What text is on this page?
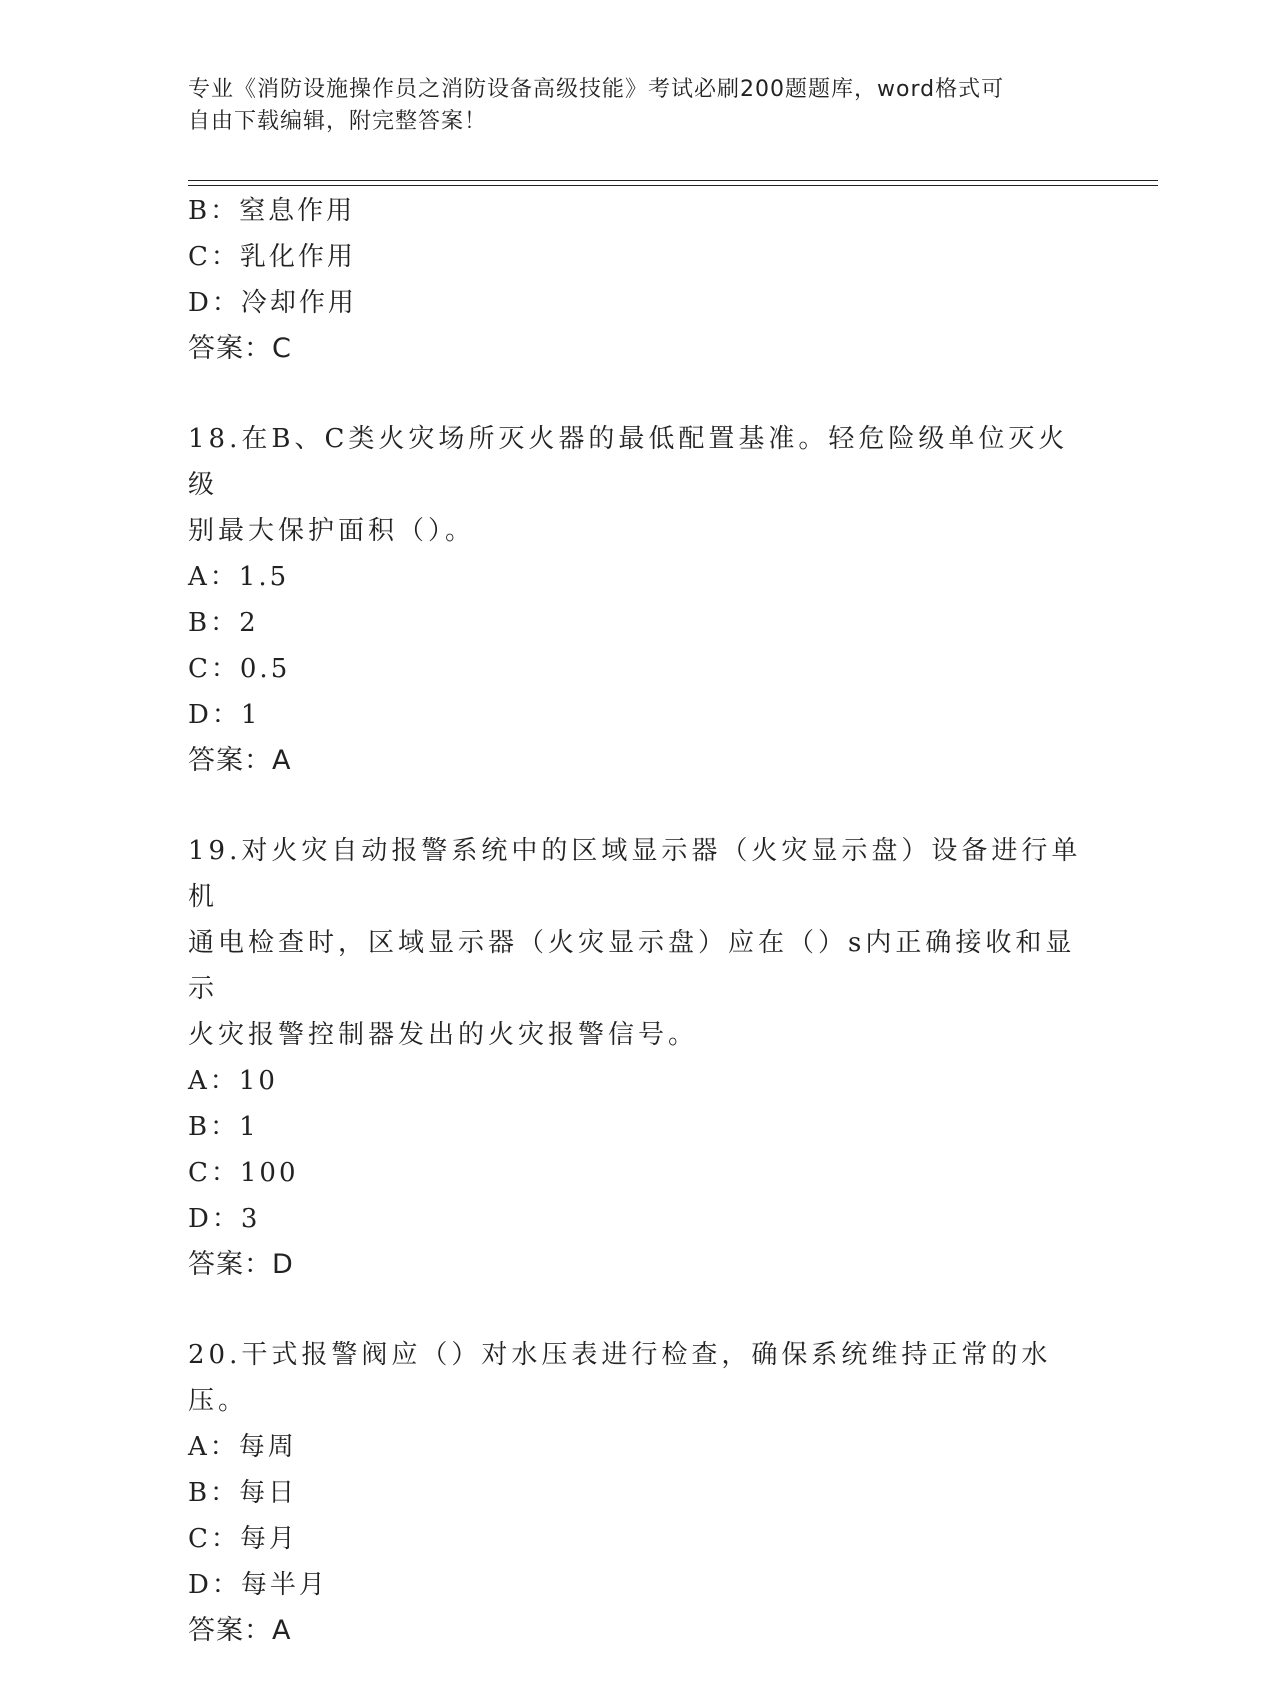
专业《消防设施操作员之消防设备高级技能》考试必刷200题题库，word格式可
自由下载编辑，附完整答案！
B：窒息作用
C：乳化作用
D：冷却作用
答案：C
18.在B、C类火灾场所灭火器的最低配置基准。轻危险级单位灭火级
别最大保护面积（）。
A：1.5
B：2
C：0.5
D：1
答案：A
19.对火灾自动报警系统中的区域显示器（火灾显示盘）设备进行单机
通电检查时，区域显示器（火灾显示盘）应在（）s内正确接收和显示
火灾报警控制器发出的火灾报警信号。
A：10
B：1
C：100
D：3
答案：D
20.干式报警阀应（）对水压表进行检查，确保系统维持正常的水压。
A：每周
B：每日
C：每月
D：每半月
答案：A
